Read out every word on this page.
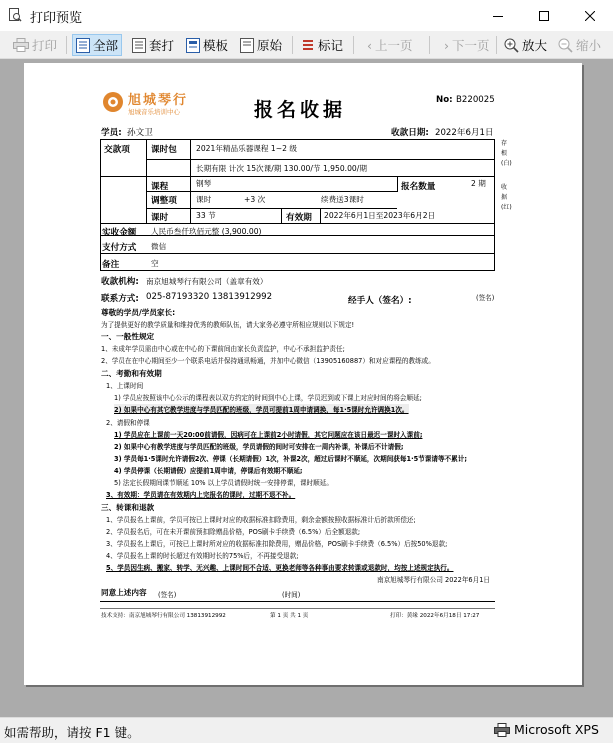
打印预览
打印	全部 套打 模板 原始	标记 ‹ 上一页	› 下一页	放大 缩小
旭城琴行
旭城音乐培训中心	报名收据	No: B220025
学员: 孙文卫	收款日期: 2022年6月1日
存根(白)
收据(红)
交款项 课时包	2021年精品乐器课程 1~2 级
长期有限 计次 15次课/期 130.00/节 1,950.00/期
课程	钢琴	报名数量	2 期
调整项	课时	+3 次	续费送3课时
课时	33 节	有效期 2022年6月1日至2023年6月2日
实收金额 人民币叁仟玖佰元整 (3,900.00)
支付方式 微信
备注	空
收款机构: 南京旭城琴行有限公司（盖章有效）
联系方式: 025-87193320 13813912992	经手人（签名）:	(签名)
尊敬的学员/学员家长:
为了提供更好的教学质量和维持优秀的教师队伍，请大家务必遵守所相应规则以下规定!
一、一般性规定
1、未成年学员需由中心或在中心的下课前间由家长负责监护，中心不承担监护责任;
2、学员在在中心期间至少一个联系电话并保持通讯畅通，并加中心微信（13905160887）和对应课程的教练或。
二、考勤和有效期
1、上课时间
1) 学员应按照该中心公示的课程表以双方约定的时间到中心上课，学员迟到或下课上对应时间的将会顺延;
2) 如果中心有其它教学进度与学员匹配的班级，学员可提前1周申请调换，每1·5课时允许调换1次。
2、请假和停课
1) 学员应在上课前一天20:00前请假，因病可在上课前2小时请假，其它问题应在该日最迟一课时入课前;
2) 如果中心有教学进度与学员匹配的班级，学员请假的间时可安排在一周内补课，补课后不计请假;
3) 学员每1·5课时允许请假2次、停课（长期请假）1次，补课2次，超过后课时不顺延，次期间获每1·5节课请等不累计;
4) 学员停课（长期请假）应提前1周申请，停课后有效期不顺延;
5) 法定长假期间课节顺延 10% 以上学员请假时统一安排停课，课时顺延。
3、有效期：学员请在有效期内上完报名的课时，过期不退不补。
三、转课和退款
1、学员报名上课前，学员可按已上课时对应的收据标准扣除费用，剩余金额按照收据标准计后折款所偿还;
2、学员报名后，可在未开课前预扣除赠品价格，POS刷卡手续费（6.5%）后全额退款;
3、学员报名上课后，可按已上课时所对应的收据标准扣除费用，赠品价格，POS刷卡手续费（6.5%）后按50%退款;
4、学员报名上课的时长超过有效期时长的75%后，不再接受退款;
5、学员因生病、搬家、转学、无兴趣、上课时间不合适、更换老师等各种事由要求转课或退款时，均按上述规定执行。
南京旭城琴行有限公司 2022年6月1日
同意上述内容 (签名)	(时间)
技术支持：南京旭城琴行有限公司 13813912992	第 1 页 共 1 页	打印：黄缘 2022年6月18日 17:27
如需帮助，请按 F1 键。	Microsoft XPS
